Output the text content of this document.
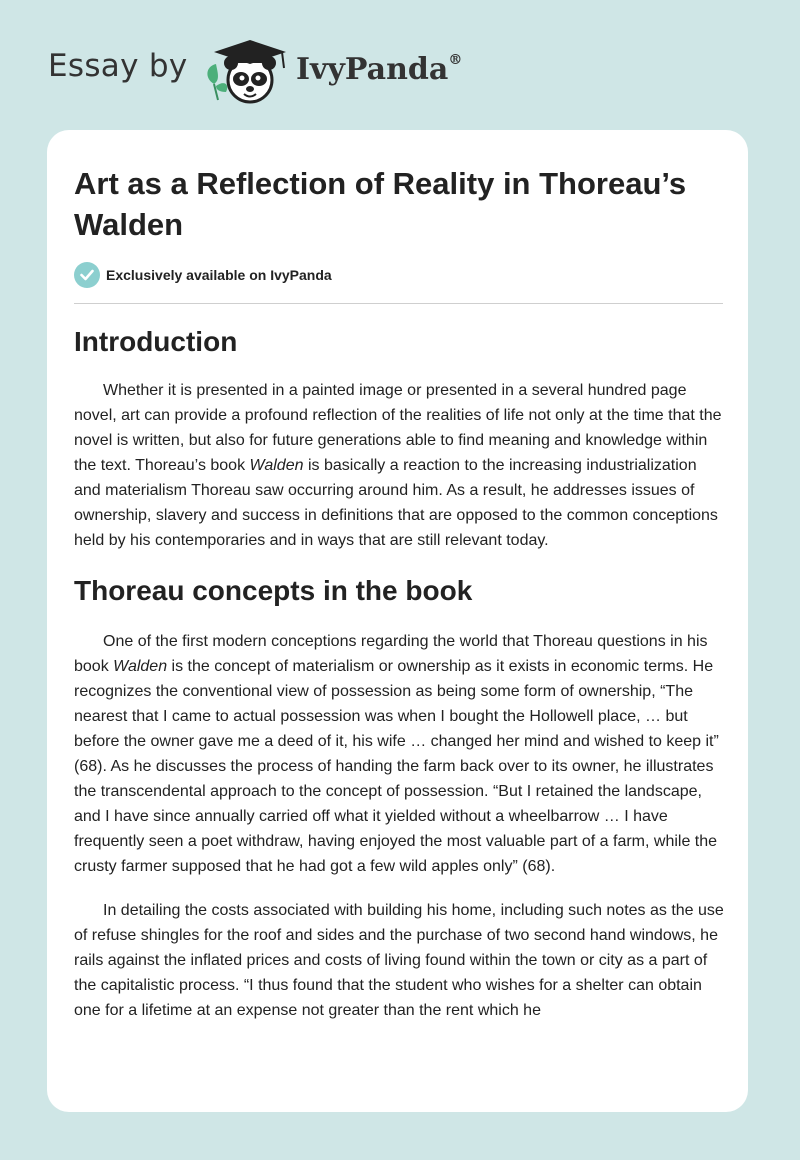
Essay by	IvyPanda®
Art as a Reflection of Reality in Thoreau’s Walden
Exclusively available on IvyPanda
Introduction

Whether it is presented in a painted image or presented in a several hundred page novel, art can provide a profound reflection of the realities of life not only at the time that the novel is written, but also for future generations able to find meaning and knowledge within the text. Thoreau’s book Walden is basically a reaction to the increasing industrialization and materialism Thoreau saw occurring around him. As a result, he addresses issues of ownership, slavery and success in definitions that are opposed to the common conceptions held by his contemporaries and in ways that are still relevant today.

Thoreau concepts in the book

One of the first modern conceptions regarding the world that Thoreau questions in his book Walden is the concept of materialism or ownership as it exists in economic terms. He recognizes the conventional view of possession as being some form of ownership, “The nearest that I came to actual possession was when I bought the Hollowell place, … but before the owner gave me a deed of it, his wife … changed her mind and wished to keep it” (68). As he discusses the process of handing the farm back over to its owner, he illustrates the transcendental approach to the concept of possession. “But I retained the landscape, and I have since annually carried off what it yielded without a wheelbarrow … I have frequently seen a poet withdraw, having enjoyed the most valuable part of a farm, while the crusty farmer supposed that he had got a few wild apples only” (68).

In detailing the costs associated with building his home, including such notes as the use of refuse shingles for the roof and sides and the purchase of two second hand windows, he rails against the inflated prices and costs of living found within the town or city as a part of the capitalistic process. “I thus found that the student who wishes for a shelter can obtain one for a lifetime at an expense not greater than the rent which he
